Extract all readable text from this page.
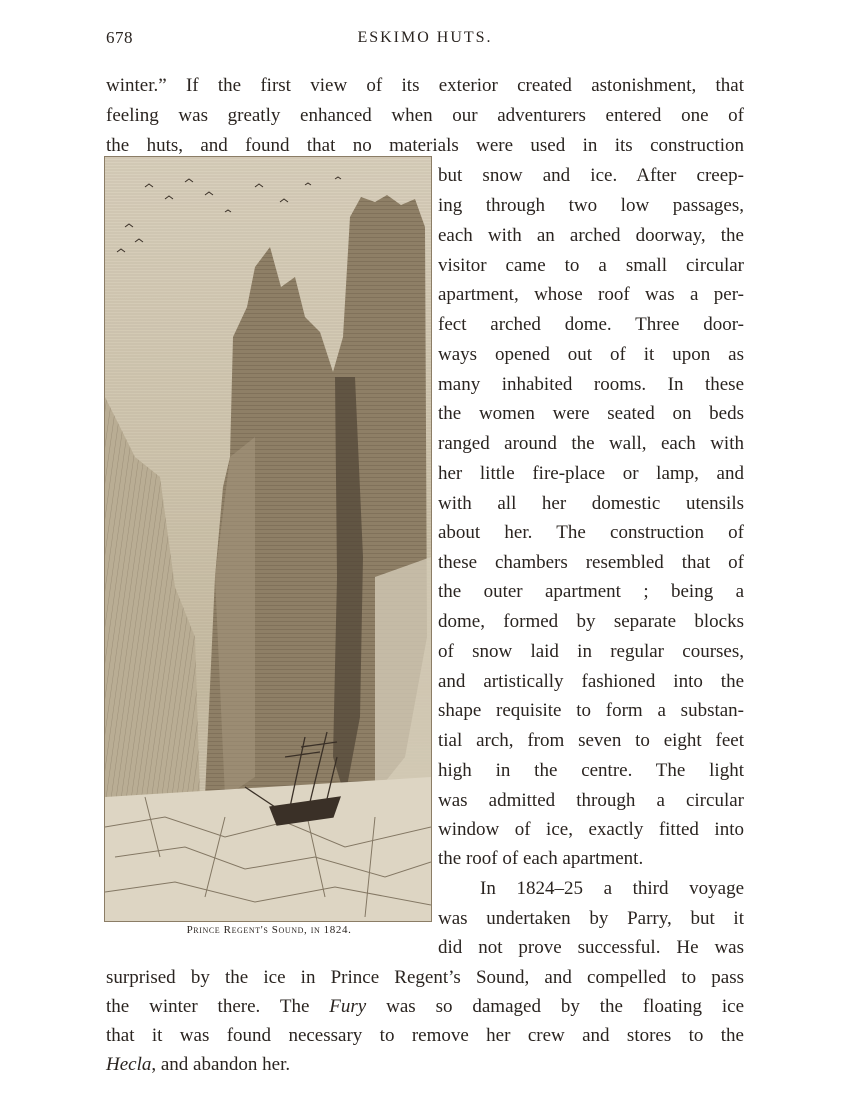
678	ESKIMO HUTS.
winter.” If the first view of its exterior created astonishment, that
feeling was greatly enhanced when our adventurers entered one of
the huts, and found that no materials were used in its construction
Prince Regent's Sound, in 1824.
but snow and ice. After creep-
ing through two low passages,
each with an arched doorway, the
visitor came to a small circular
apartment, whose roof was a per-
fect arched dome. Three door-
ways opened out of it upon as
many inhabited rooms. In these
the women were seated on beds
ranged around the wall, each with
her little fire-place or lamp, and
with all her domestic utensils
about her. The construction of
these chambers resembled that of
the outer apartment ; being a
dome, formed by separate blocks
of snow laid in regular courses,
and artistically fashioned into the
shape requisite to form a substan-
tial arch, from seven to eight feet
high in the centre. The light
was admitted through a circular
window of ice, exactly fitted into
the roof of each apartment.
In 1824–25 a third voyage
was undertaken by Parry, but it
did not prove successful. He was
surprised by the ice in Prince Regent’s Sound, and compelled to pass
the winter there. The Fury was so damaged by the floating ice
that it was found necessary to remove her crew and stores to the
Hecla, and abandon her.
